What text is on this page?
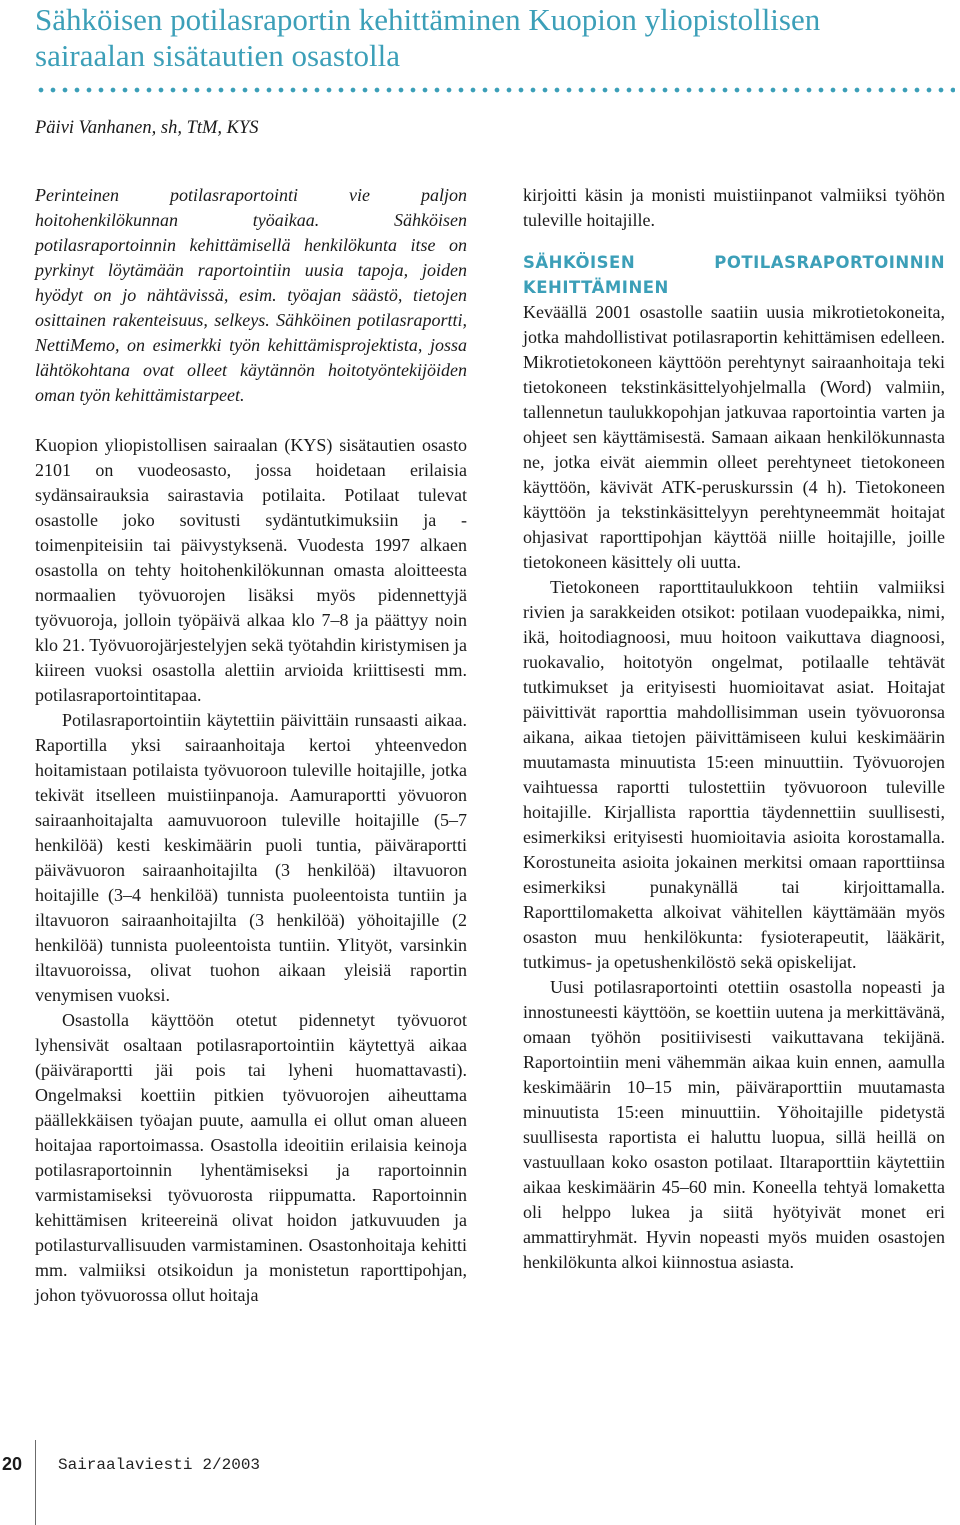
Sähköisen potilasraportin kehittäminen Kuopion yliopistollisen sairaalan sisätautien osastolla
Päivi Vanhanen, sh, TtM, KYS

Perinteinen potilasraportointi vie paljon hoitohenkilökunnan työaikaa. Sähköisen potilasraportoinnin kehittämisellä henkilökunta itse on pyrkinyt löytämään raportointiin uusia tapoja, joiden hyödyt on jo nähtävissä, esim. työajan säästö, tietojen osittainen rakenteisuus, selkeys. Sähköinen potilasraportti, NettiMemo, on esimerkki työn kehittämisprojektista, jossa lähtökohtana ovat olleet käytännön hoitotyöntekijöiden oman työn kehittämistarpeet.

Kuopion yliopistollisen sairaalan (KYS) sisätautien osasto 2101 on vuodeosasto, jossa hoidetaan erilaisia sydänsairauksia sairastavia potilaita. Potilaat tulevat osastolle joko sovitusti sydäntutkimuksiin ja -toimenpiteisiin tai päivystyksenä. Vuodesta 1997 alkaen osastolla on tehty hoitohenkilökunnan omasta aloitteesta normaalien työvuorojen lisäksi myös pidennettyjä työvuoroja, jolloin työpäivä alkaa klo 7–8 ja päättyy noin klo 21. Työvuorojärjestelyjen sekä työtahdin kiristymisen ja kiireen vuoksi osastolla alettiin arvioida kriittisesti mm. potilasraportointitapaa.

Potilasraportointiin käytettiin päivittäin runsaasti aikaa. Raportilla yksi sairaanhoitaja kertoi yhteenvedon hoitamistaan potilaista työvuoroon tuleville hoitajille, jotka tekivät itselleen muistiinpanoja. Aamuraportti yövuoron sairaanhoitajalta aamuvuoroon tuleville hoitajille (5–7 henkilöä) kesti keskimäärin puoli tuntia, päiväraportti päivävuoron sairaanhoitajilta (3 henkilöä) iltavuoron hoitajille (3–4 henkilöä) tunnista puoleentoista tuntiin ja iltavuoron sairaanhoitajilta (3 henkilöä) yöhoitajille (2 henkilöä) tunnista puoleentoista tuntiin. Ylityöt, varsinkin iltavuoroissa, olivat tuohon aikaan yleisiä raportin venymisen vuoksi.

Osastolla käyttöön otetut pidennetyt työvuorot lyhensivät osaltaan potilasraportointiin käytettyä aikaa (päiväraportti jäi pois tai lyheni huomattavasti). Ongelmaksi koettiin pitkien työvuorojen aiheuttama päällekkäisen työajan puute, aamulla ei ollut oman alueen hoitajaa raportoimassa. Osastolla ideoitiin erilaisia keinoja potilasraportoinnin lyhentämiseksi ja raportoinnin varmistamiseksi työvuorosta riippumatta. Raportoinnin kehittämisen kriteereinä olivat hoidon jatkuvuuden ja potilasturvallisuuden varmistaminen. Osastonhoitaja kehitti mm. valmiiksi otsikoidun ja monistetun raporttipohjan, johon työvuorossa ollut hoitaja

kirjoitti käsin ja monisti muistiinpanot valmiiksi työhön tuleville hoitajille.

SÄHKÖISEN POTILASRAPORTOINNIN KEHITTÄMINEN

Keväällä 2001 osastolle saatiin uusia mikrotietokoneita, jotka mahdollistivat potilasraportin kehittämisen edelleen. Mikrotietokoneen käyttöön perehtynyt sairaanhoitaja teki tietokoneen tekstinkäsittelyohjelmalla (Word) valmiin, tallennetun taulukkopohjan jatkuvaa raportointia varten ja ohjeet sen käyttämisestä. Samaan aikaan henkilökunnasta ne, jotka eivät aiemmin olleet perehtyneet tietokoneen käyttöön, kävivät ATK-peruskurssin (4 h). Tietokoneen käyttöön ja tekstinkäsittelyyn perehtyneemmät hoitajat ohjasivat raporttipohjan käyttöä niille hoitajille, joille tietokoneen käsittely oli uutta.

Tietokoneen raporttitaulukkoon tehtiin valmiiksi rivien ja sarakkeiden otsikot: potilaan vuodepaikka, nimi, ikä, hoitodiagnoosi, muu hoitoon vaikuttava diagnoosi, ruokavalio, hoitotyön ongelmat, potilaalle tehtävät tutkimukset ja erityisesti huomioitavat asiat. Hoitajat päivittivät raporttia mahdollisimman usein työvuoronsa aikana, aikaa tietojen päivittämiseen kului keskimäärin muutamasta minuutista 15:een minuuttiin. Työvuorojen vaihtuessa raportti tulostettiin työvuoroon tuleville hoitajille. Kirjallista raporttia täydennettiin suullisesti, esimerkiksi erityisesti huomioitavia asioita korostamalla. Korostuneita asioita jokainen merkitsi omaan raporttiinsa esimerkiksi punakynällä tai kirjoittamalla. Raporttilomaketta alkoivat vähitellen käyttämään myös osaston muu henkilökunta: fysioterapeutit, lääkärit, tutkimus- ja opetushenkilöstö sekä opiskelijat.

Uusi potilasraportointi otettiin osastolla nopeasti ja innostuneesti käyttöön, se koettiin uutena ja merkittävänä, omaan työhön positiivisesti vaikuttavana tekijänä. Raportointiin meni vähemmän aikaa kuin ennen, aamulla keskimäärin 10–15 min, päiväraporttiin muutamasta minuutista 15:een minuuttiin. Yöhoitajille pidetystä suullisesta raportista ei haluttu luopua, sillä heillä on vastuullaan koko osaston potilaat. Iltaraporttiin käytettiin aikaa keskimäärin 45–60 min. Koneella tehtyä lomaketta oli helppo lukea ja siitä hyötyivät monet eri ammattiryhmät. Hyvin nopeasti myös muiden osastojen henkilökunta alkoi kiinnostua asiasta.

20 Sairaalaviesti 2/2003
